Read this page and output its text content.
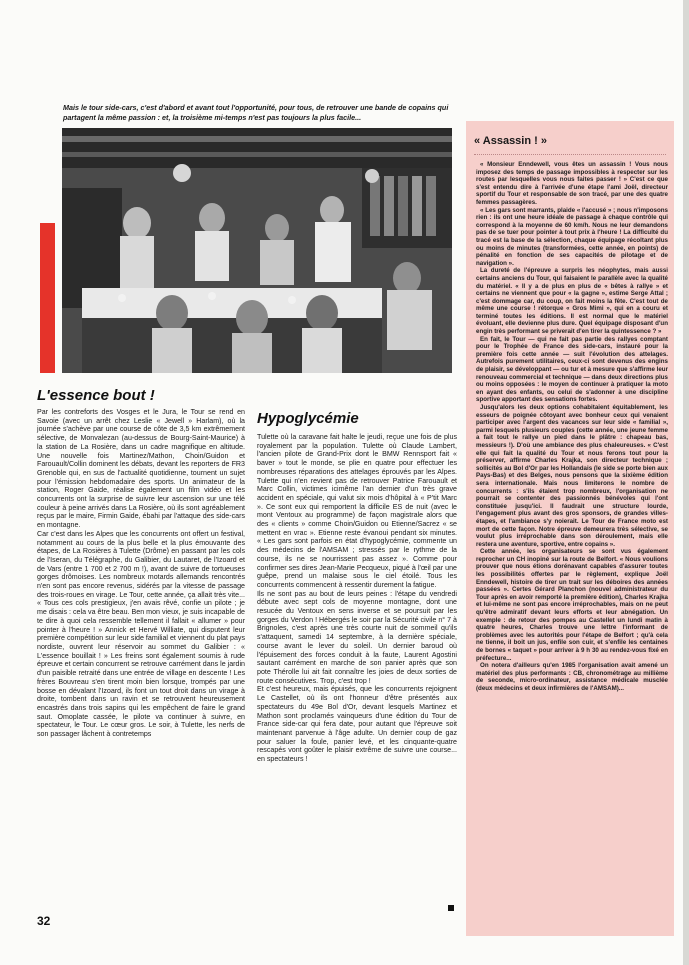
Mais le tour side-cars, c'est d'abord et avant tout l'opportunité, pour tous, de retrouver une bande de copains qui partagent la même passion : et, la troisième mi-temps n'est pas toujours la plus facile...
« Assassin ! »

« Monsieur Enndewell, vous êtes un assassin ! Vous nous imposez des temps de passage impossibles à respecter sur les routes par lesquelles vous nous faites passer ! » C'est ce que s'est entendu dire à l'arrivée d'une étape l'ami Joël, directeur sportif du Tour et responsable de son tracé, par une des quatre femmes passagères.

« Les gars sont marrants, plaide « l'accusé » ; nous n'imposons rien : ils ont une heure idéale de passage à chaque contrôle qui correspond à la moyenne de 60 km/h. Nous ne leur demandons pas de se tuer pour pointer à tout prix à l'heure ! La difficulté du tracé est la base de la sélection, chaque équipage récoltant plus ou moins de minutes (transformées, cette année, en points) de pénalité en fonction de ses capacités de pilotage et de navigation ».

La dureté de l'épreuve a surpris les néophytes, mais aussi certains anciens du Tour, qui faisaient le parallèle avec la qualité du matériel. « Il y a de plus en plus de « bêtes à rallye » et certains ne viennent que pour « la gagne », estime Serge Attal ; c'est dommage car, du coup, on fait moins la fête. C'est tout de même une course ! rétorque « Gros Mimi », qui en a couru et terminé toutes les éditions. Il est normal que le matériel évoluant, elle devienne plus dure. Quel équipage disposant d'un engin très performant se priverait d'en tirer la quintessence ? »

En fait, le Tour — qui ne fait pas partie des rallyes comptant pour le Trophée de France des side-cars, instauré pour la première fois cette année — suit l'évolution des attelages. Autrefois purement utilitaires, ceux-ci sont devenus des engins de plaisir, se développant — ou tur et à mesure que s'affirme leur renouveau commercial et technique — dans deux directions plus ou moins opposées : le moyen de continuer à pratiquer la moto en ayant des enfants, ou celui de s'adonner à une discipline sportive apportant des sensations fortes.

Jusqu'alors les deux options cohabitaient équitablement, les esseurs de poignée côtoyant avec bonheur ceux qui venaient participer avec l'argent des vacances sur leur side « familial », parmi lesquels plusieurs couples (cette année, une jeune femme a fait tout le rallye un pied dans le plâtre : chapeau bas, messieurs !). D'où une ambiance des plus chaleureuses. « C'est elle qui fait la qualité du Tour et nous ferons tout pour la préserver, affirme Charles Krajka, son directeur technique ; sollicités au Bol d'Or par les Hollandais (le side se porte bien aux Pays-Bas) et des Belges, nous pensons que la sixième édition sera internationale. Mais nous limiterons le nombre de concurrents : s'ils étaient trop nombreux, l'organisation ne pourrait se contenter des passionnés bénévoles qui l'ont constituée jusqu'ici. Il faudrait une structure lourde, l'engagement plus avant des gros sponsors, de grandes villes-étapes, et l'ambiance s'y noierait. Le Tour de France moto est mort de cette façon. Notre épreuve demeurera très sélective, se voulut plus irréprochable dans son déroulement, mais elle restera une aventure, sportive, entre copains ».

Cette année, les organisateurs se sont vus également reprocher un CH inopiné sur la route de Belfort. « Nous voulions prouver que nous étions dorénavant capables d'assurer toutes les possibilités offertes par le règlement, explique Joël Enndewell, histoire de tirer un trait sur les déboires des années passées ». Certes Gérard Planchon (nouvel administrateur du Tour après en avoir remporté la première édition), Charles Krajka et lui-même ne sont pas encore irréprochables, mais on ne peut qu'être admiratif devant leurs efforts et leur abnégation. Un exemple : de retour des pompes au Castellet un lundi matin à quatre heures, Charles trouve une lettre l'informant de problèmes avec les autorités pour l'étape de Belfort ; qu'à cela ne tienne, il boit un jus, enfile son cuir, et s'enfile les centaines de bornes « taquet » pour arriver à 9 h 30 au rendez-vous fixé en préfecture...

On notera d'ailleurs qu'en 1985 l'organisation avait amené un matériel des plus performants : CB, chronométrage au millième de seconde, micro-ordinateur, assistance médicale musclée (deux médecins et deux infirmières de l'AMSAM)...

L'essence bout !

Par les contreforts des Vosges et le Jura, le Tour se rend en Savoie (avec un arrêt chez Leslie « Jewell » Harlam), où la journée s'achève par une course de côte de 3,5 km extrêmement sélective, de Monvalezan (au-dessus de Bourg-Saint-Maurice) à la station de La Rosière, dans un cadre magnifique en altitude. Une nouvelle fois Martinez/Mathon, Choin/Guidon et Farouault/Collin dominent les débats, devant les reporters de FR3 Grenoble qui, en sus de l'actualité quotidienne, tournent un sujet pour l'émission hebdomadaire des sports. Un animateur de la station, Roger Gaide, réalise également un film vidéo et les concurrents ont la surprise de suivre leur ascension sur une télé couleur à peine arrivés dans La Rosière, où ils sont agréablement reçus par le maire, Firmin Gaide, ébahi par l'attaque des side-cars en montagne.

Car c'est dans les Alpes que les concurrents ont offert un festival, notamment au cours de la plus belle et la plus émouvante des étapes, de La Rosières à Tulette (Drôme) en passant par les cols de l'Iseran, du Télégraphe, du Galibier, du Lautaret, de l'Izoard et de Vars (entre 1 700 et 2 700 m !), avant de suivre de tortueuses gorges drômoises. Les nombreux motards allemands rencontrés n'en sont pas encore revenus, sidérés par la vitesse de passage des trois-roues en virage. Le Tour, cette année, ça allait très vite... « Tous ces cols prestigieux, j'en avais rêvé, confie un pilote ; je me disais : cela va être beau. Ben mon vieux, je suis incapable de te dire à quoi cela ressemble tellement il fallait « allumer » pour pointer à l'heure ! » Annick et Hervé Williate, qui disputent leur première compétition sur leur side familial et viennent du plat pays nordiste, ouvrent leur réservoir au sommet du Galibier : « L'essence bouillait ! » Les freins sont également soumis à rude épreuve et certain concurrent se retrouve carrément dans le jardin d'un paisible retraité dans une entrée de village en descente ! Les frères Bouvreau s'en tirent moin bien lorsque, trompés par une bosse en dévalant l'Izoard, ils font un tout droit dans un virage à droite, tombent dans un ravin et se retrouvent heureusement encastrés dans trois sapins qui les empêchent de faire le grand saut. Omoplate cassée, le pilote va continuer à suivre, en spectateur, le Tour. Le cœur gros. Le soir, à Tulette, les nerfs de son passager lâchent à contretemps

Hypoglycémie

Tulette où la caravane fait halte le jeudi, reçue une fois de plus royalement par la population. Tulette où Claude Lambert, l'ancien pilote de Grand-Prix dont le BMW Rennsport fait « baver » tout le monde, se plie en quatre pour effectuer les nombreuses réparations des attelages éprouvés par les Alpes. Tulette qui n'en revient pas de retrouver Patrice Farouault et Marc Collin, victimes icimême l'an dernier d'un très grave accident en spéciale, qui valut six mois d'hôpital à « P'tit Marc ». Ce sont eux qui remportent la difficile ES de nuit (avec le mont Ventoux au programme) de façon magistrale alors que des « clients » comme Choin/Guidon ou Etienne/Sacrez « se mettent en vrac ». Etienne reste évanoui pendant six minutes. « Les gars sont parfois en état d'hypoglycémie, commente un des médecins de l'AMSAM ; stressés par le rythme de la course, ils ne se nourrissent pas assez ». Comme pour confirmer ses dires Jean-Marie Pecqueux, piqué à l'œil par une guêpe, prend un malaise sous le ciel étoilé. Tous les concurrents commencent à ressentir durement la fatigue.

Ils ne sont pas au bout de leurs peines : l'étape du vendredi débute avec sept cols de moyenne montagne, dont une resucée du Ventoux en sens inverse et se poursuit par les gorges du Verdon ! Hébergés le soir par la Sécurité civile n° 7 à Brignoles, c'est après une très courte nuit de sommeil qu'ils s'attaquent, samedi 14 septembre, à la dernière spéciale, course avant le lever du soleil. Un dernier baroud où l'épuisement des forces conduit à la faute, Laurent Agostini sautant carrément en marche de son panier après que son pote Thérolle lui ait fait connaître les joies de deux sorties de route consécutives. Trop, c'est trop !

Et c'est heureux, mais épuisés, que les concurrents rejoignent Le Castellet, où ils ont l'honneur d'être présentés aux spectateurs du 49e Bol d'Or, devant lesquels Martinez et Mathon sont proclamés vainqueurs d'une édition du Tour de France side-car qui fera date, pour autant que l'épreuve soit maintenant parvenue à l'âge adulte. Un dernier coup de gaz pour saluer la foule, panier levé, et les cinquante-quatre rescapés vont goûter le plaisir extrême de suivre une course... en spectateurs !

32
